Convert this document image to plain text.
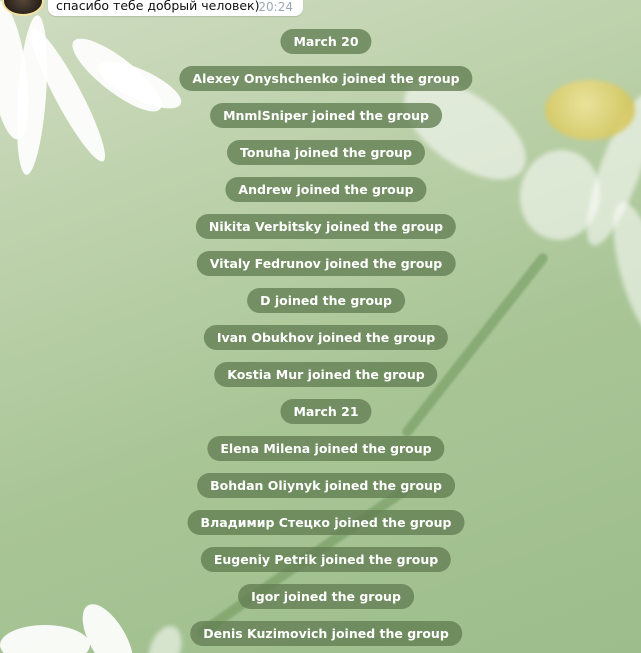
спасибо тебе добрый человек)
20:24
March 20
Alexey Onyshchenko joined the group
MnmlSniper joined the group
Tonuha joined the group
Andrew joined the group
Nikita Verbitsky joined the group
Vitaly Fedrunov joined the group
D joined the group
Ivan Obukhov joined the group
Kostia Mur joined the group
March 21
Elena Milena joined the group
Bohdan Oliynyk joined the group
Владимир Стецко joined the group
Eugeniy Petrik joined the group
Igor joined the group
Denis Kuzimovich joined the group
